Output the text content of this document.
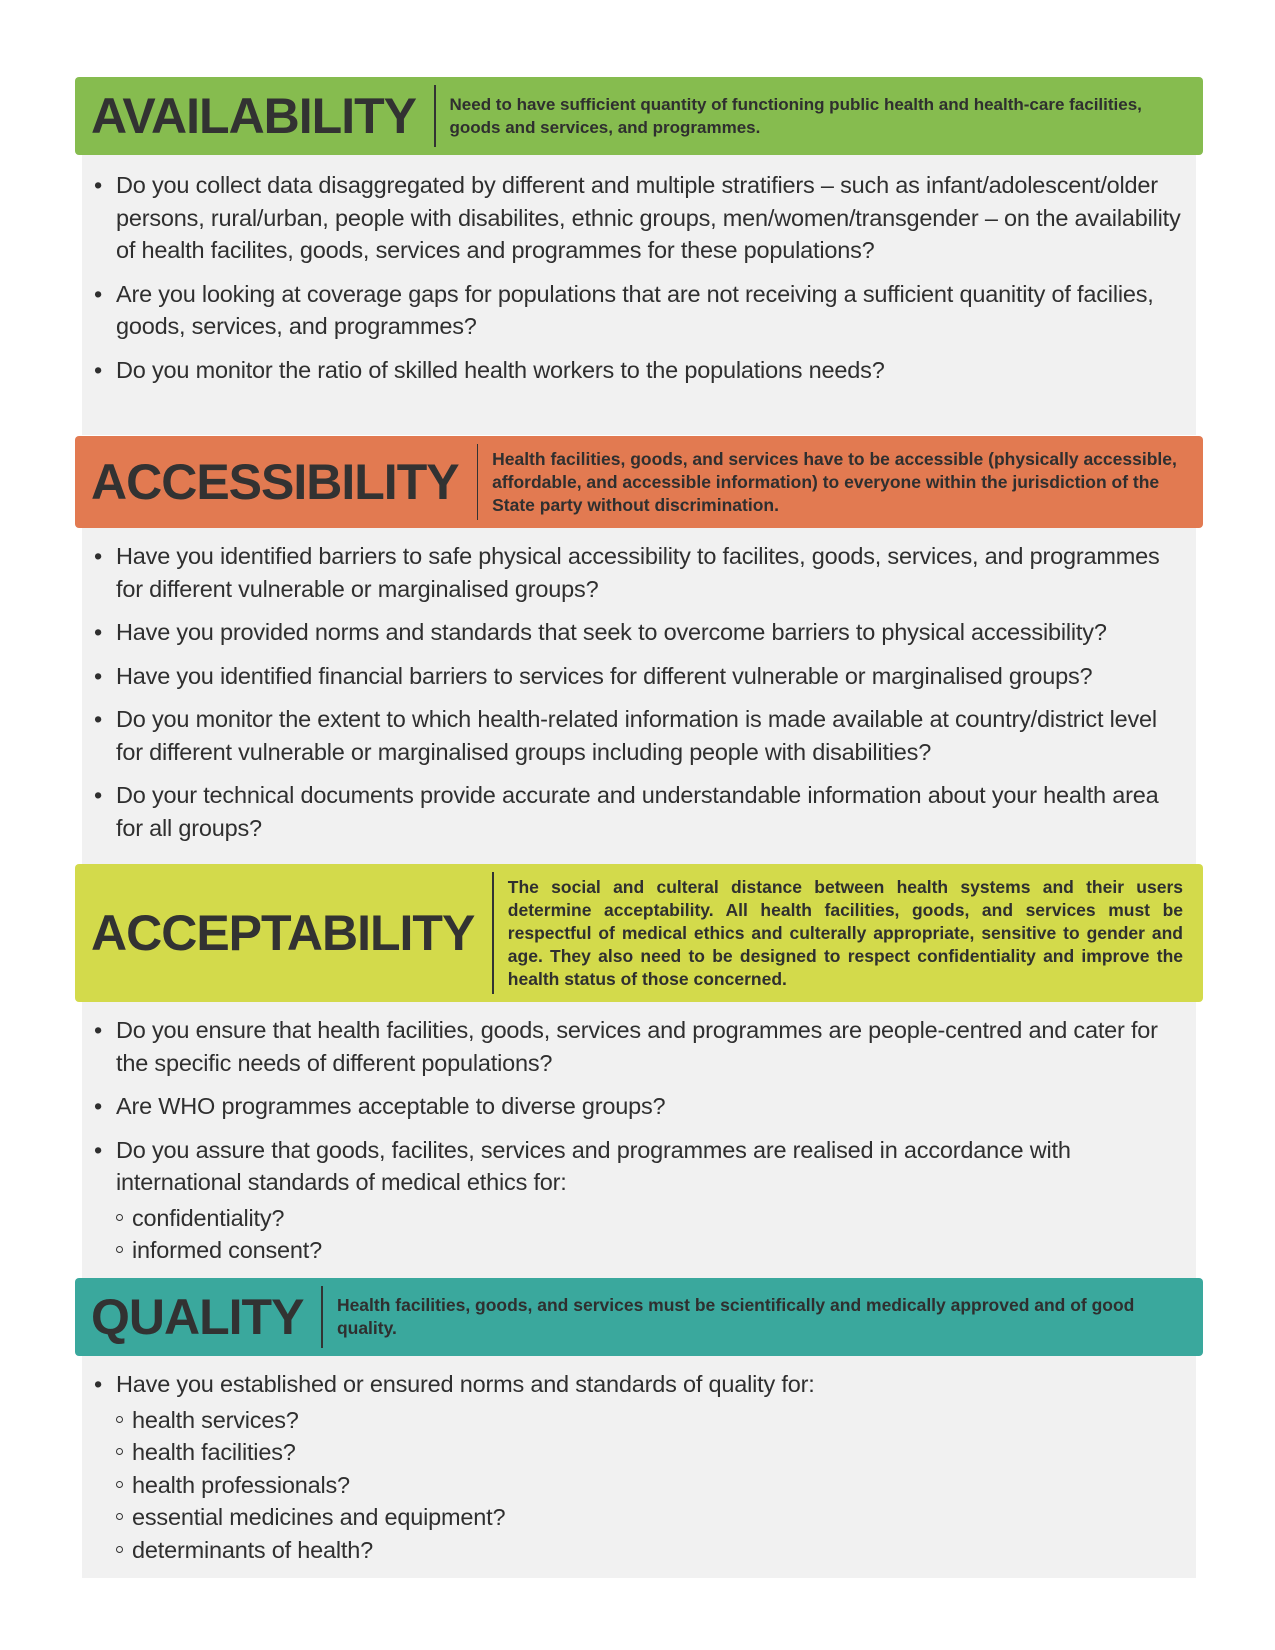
AVAILABILITY	Need to have sufficient quantity of functioning public health and health-care facilities, goods and services, and programmes.
• Do you collect data disaggregated by different and multiple stratifiers – such as infant/adolescent/older persons, rural/urban, people with disabilites, ethnic groups, men/women/transgender – on the availability of health facilites, goods, services and programmes for these populations?
• Are you looking at coverage gaps for populations that are not receiving a sufficient quanitity of facilies, goods, services, and programmes?
• Do you monitor the ratio of skilled health workers to the populations needs?
ACCESSIBILITY	Health facilities, goods, and services have to be accessible (physically accessible, affordable, and accessible information) to everyone within the jurisdiction of the State party without discrimination.
• Have you identified barriers to safe physical accessibility to facilites, goods, services, and programmes for different vulnerable or marginalised groups?
• Have you provided norms and standards that seek to overcome barriers to physical accessibility?
• Have you identified financial barriers to services for different vulnerable or marginalised groups?
• Do you monitor the extent to which health-related information is made available at country/district level for different vulnerable or marginalised groups including people with disabilities?
• Do your technical documents provide accurate and understandable information about your health area for all groups?
ACCEPTABILITY
The social and culteral distance between health systems and their users determine acceptability. All health facilities, goods, and services must be respectful of medical ethics and culterally appropriate, sensitive to gender and age. They also need to be designed to respect confidentiality and improve the health status of those concerned.
• Do you ensure that health facilities, goods, services and programmes are people-centred and cater for the specific needs of different populations?
• Are WHO programmes acceptable to diverse groups?
• Do you assure that goods, facilites, services and programmes are realised in accordance with international standards of medical ethics for:
confidentiality?
informed consent?
QUALITY	Health facilities, goods, and services must be scientifically and medically approved and of good quality.
• Have you established or ensured norms and standards of quality for:
health services?
health facilities?
health professionals?
essential medicines and equipment?
determinants of health?
